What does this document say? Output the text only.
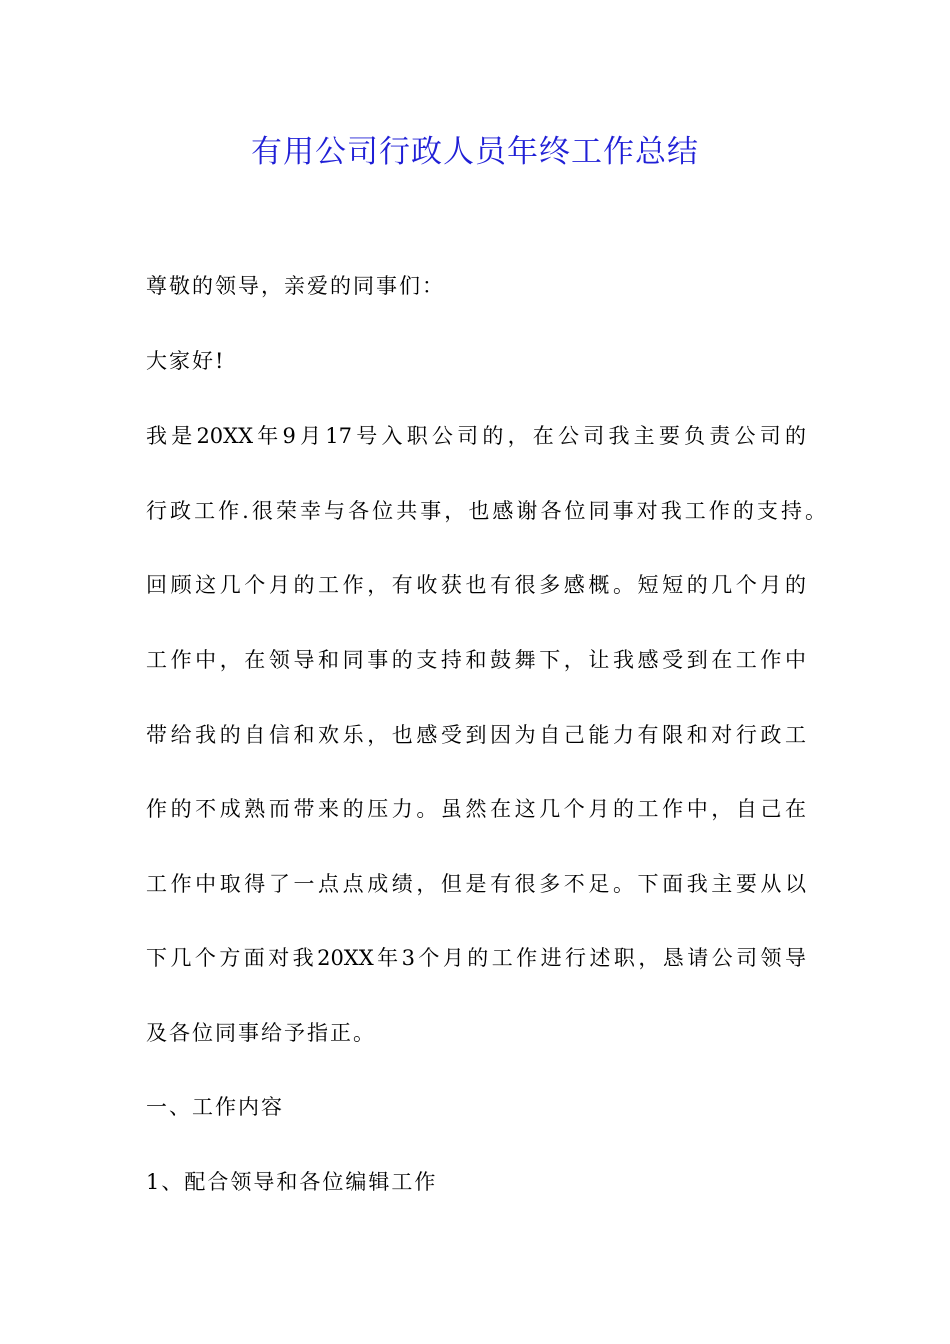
有用公司行政人员年终工作总结
尊敬的领导，亲爱的同事们：
大家好!
我是20XX年9月17号入职公司的，在公司我主要负责公司的
行政工作.很荣幸与各位共事，也感谢各位同事对我工作的支持。
回顾这几个月的工作，有收获也有很多感概。短短的几个月的
工作中，在领导和同事的支持和鼓舞下，让我感受到在工作中
带给我的自信和欢乐，也感受到因为自己能力有限和对行政工
作的不成熟而带来的压力。虽然在这几个月的工作中，自己在
工作中取得了一点点成绩，但是有很多不足。下面我主要从以
下几个方面对我20XX年3个月的工作进行述职，恳请公司领导
及各位同事给予指正。
一、工作内容
1、配合领导和各位编辑工作
